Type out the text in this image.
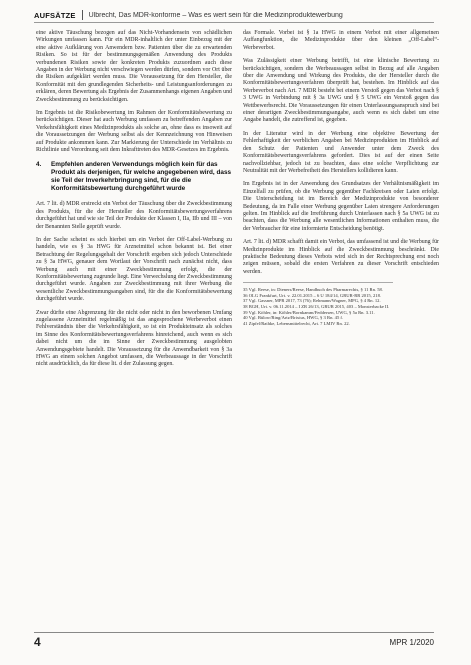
AUFSÄTZE Ulbrecht, Das MDR-konforme – Was es wert sein für die Medizinproduktewerbung

eine aktive Täuschung bezogen auf das Nicht-Vorhandensein von schädlichen Wirkungen umfassen kann. Für ein MDR-inhaltlich der unter Einbezug mit der eine aktive Aufklärung von Anwendern bzw. Patienten über die zu erwartenden Risiken. So ist für der bestimmungsgemäßen Anwendung des Produkts verbundenen Risiken sowie der konkreten Produkts zuzuordnen auch diese Angaben in der Werbung nicht verschwiegen werden dürfen, sondern vor Ort über die Risiken aufgeklärt werden muss. Die Voraussetzung für den Hersteller, die Konformität mit den grundlegenden Sicherheits- und Leistungsanforderungen zu erklären, deren Bewertung als Ergebnis der Zusammenhangs eigenen Angaben und Zweckbestimmung zu berücksichtigen.

Im Ergebnis ist die Risikobewertung im Rahmen der Konformitätsbewertung zu berücksichtigen. Dieser hat auch Werbung umfassen zu betreffenden Angaben zur Verkehrsfähigkeit eines Medizinprodukts als solche an, ohne dass es insoweit auf die Voraussetzungen der Werbung selbst als der Kennzeichnung von Hinweisen auf Produkte ankommen kann. Zur Markierung der Unterschiede im Verhältnis zu Richtlinie und Verordnung seit dem Inkrafttreten des MDR-Gesetzes im Ergebnis.

4.	Empfehlen anderen Verwendungs möglich kein für das Produkt als derjenigen, für welche angegebenen wird, dass sie Teil der Inverkehrbringung sind, für die die Konformitätsbewertung durchgeführt wurde

Art. 7 lit. d) MDR erstreckt ein Verbot der Täuschung über die Zweckbestimmung des Produkts, für die der Hersteller des Konformitätsbewertungsverfahrens durchgeführt hat und wie sie Teil der Produkte der Klassen I, IIa, IIb und III – von der Benannten Stelle geprüft wurde.

In der Sache scheint es sich hierbei um ein Verbot der Off-Label-Werbung zu handeln, wie es § 3a HWG für Arzneimittel schon bekannt ist. Bei einer Betrachtung der Regelungsgehalt der Vorschrift ergeben sich jedoch Unterschiede zu § 3a HWG, genauer dem Wortlaut der Vorschrift nach zunächst nicht, dass Werbung auch mit einer Zweckbestimmung erfolgt, die der Konformitätsbewertung zugrunde liegt. Eine Verwechslung der Zweckbestimmung durchgeführt wurde. Angaben zur Zweckbestimmung mit ihrer Werbung die wesentliche Zweckbestimmungsangaben sind, für die die Konformitätsbewertung durchgeführt wurde.

Zwar dürfte eine Abgrenzung für die nicht oder nicht in den beworbenen Umfang zugelassene Arzneimittel regelmäßig ist das angesprochene Werbeverbot einen Fehlverständnis über die Verkehrsfähigkeit, so ist ein Produkteinsatz als solches im Sinne des Konformitätsbewertungsverfahrens hinreichend, auch wenn es sich dabei nicht um die im Sinne der Zweckbestimmung ausgelobten Anwendungsgebiete handelt. Die Voraussetzung für die Anwendbarkeit von § 3a HWG an einem solchen Angebot umfassen, die Werbeaussage in der Vorschrift nicht ausdrücklich, da für diese lit. d der Zulassung gegen.

das Formale. Vorbei ist § 1a HWG in einem Verbot mit einer allgemeinen Auffangfunktion, die Medizinprodukte über den kleinen „Off-Label“-Werbeverbot.

Was Zulässigkeit einer Werbung betrifft, ist eine klinische Bewertung zu berücksichtigen, sondern die Werbeaussagen selbst in Bezug auf alle Angaben über die Anwendung und Wirkung des Produkts, die der Hersteller durch die Konformitätsbewertungsverfahren überprüft hat, bestehen. Im Hinblick auf das Werbeverbot nach Art. 7 MDR besteht bei einem Verstoß gegen das Verbot nach § 3 UWG in Verbindung mit § 3a UWG und § 5 UWG ein Verstoß gegen das Wettbewerbsrecht. Die Voraussetzungen für einen Unterlassungsanspruch sind bei einer derartigen Zweckbestimmungsangabe, auch wenn es sich dabei um eine Angabe handelt, die zutreffend ist, gegeben.

In der Literatur wird in der Werbung eine objektive Bewertung der Fehlerhaftigkeit der werblichen Angaben bei Medizinprodukten im Hinblick auf den Schutz der Patienten und Anwender unter dem Zweck des Konformitätsbewertungsverfahrens gefordert. Dies ist auf der einen Seite nachvollziehbar, jedoch ist zu beachten, dass eine solche Verpflichtung zur Neutralität mit der Werbefreiheit des Herstellers kollidieren kann.

Im Ergebnis ist in der Anwendung des Grundsatzes der Verhältnismäßigkeit im Einzelfall zu prüfen, ob die Werbung gegenüber Fachkreisen oder Laien erfolgt. Die Unterscheidung ist im Bereich der Medizinprodukte von besonderer Bedeutung, da im Falle einer Werbung gegenüber Laien strengere Anforderungen gelten. Im Hinblick auf die Irreführung durch Unterlassen nach § 5a UWG ist zu beachten, dass die Werbung alle wesentlichen Informationen enthalten muss, die der Verbraucher für eine informierte Entscheidung benötigt.

Art. 7 lit. d) MDR schafft damit ein Verbot, das umfassend ist und die Werbung für Medizinprodukte im Hinblick auf die Zweckbestimmung beschränkt. Die praktische Bedeutung dieses Verbots wird sich in der Rechtsprechung erst noch zeigen müssen, sobald die ersten Verfahren zu dieser Vorschrift entschieden werden.

35 Vgl. Reese, in: Dieners/Reese, Handbuch des Pharmarechts, § 11 Rn. 58.

36 OLG Frankfurt, Urt. v. 22.01.2015 – 6 U 184/14, GRUR-RR 2015, 218.

37 Vgl. Gassner, MPR 2017, 73 (76); Rehmann/Wagner, MPG, § 4 Rn. 12.

38 BGH, Urt. v. 06.11.2014 – I ZR 26/13, GRUR 2015, 403 – Monsterbacke II.

39 Vgl. Köhler, in: Köhler/Bornkamm/Feddersen, UWG, § 5a Rn. 3.11.

40 Vgl. Bülow/Ring/Artz/Brixius, HWG, § 3 Rn. 45 f.

41 Zipfel/Rathke, Lebensmittelrecht, Art. 7 LMIV Rn. 22.

4	MPR 1/2020
